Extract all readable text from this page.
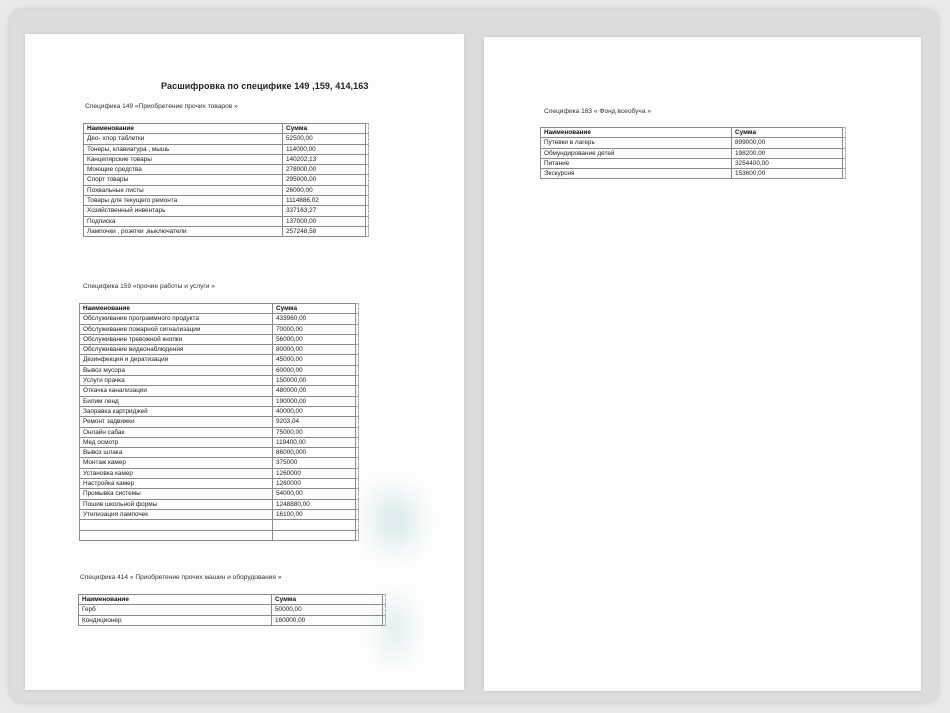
Расшифровка по специфике 149 ,159, 414,163
Специфика 149 «Приобретение прочих товаров »
Наименование	Сумма	
Део- хлор таблетки	52500,00	
Тонеры, клавиатура , мышь	114000,00	
Канцелярские товары	140202,13	
Моющие средства	278000,00	
Спорт товары	295000,00	
Похвальные листы	26000,00	
Товары для текущего ремонта	1114886,02	
Хозяйственный инвентарь	337163,27	
Подписка	137000,00	
Лампочки , розетки ,выключатели	257248,58	
Специфика 159 «прочие работы и услуги »
Наименование	Сумма	
Обслуживание программного продукта	433960,00	
Обслуживание пожарной сигнализации	70000,00	
Обслуживание тревожной кнопки	56000,00	
Обслуживание видеонаблюдения	80000,00	
Дезинфекция и дератизация	45000,00	
Вывоз мусора	60000,00	
Услуги прачка	150000,00	
Откачка канализации	480000,00	
Билим ленд	190000,00	
Заправка картриджей	40000,00	
Ремонт задвижки	9203,04	
Онлайн сабак	75000,00	
Мед осмотр	119400,00	
Вывоз шлака	86000,000	
Монтаж камер	375000	
Установка камер	1260000	
Настройка камер	1260000	
Промывка системы	54000,00	
Пошив школьной формы	1248880,00	
Утилизация лампочек	16100,00	

Специфика 414 « Приобретение прочих машин и оборудования »
Наименование	Сумма	
Герб	50000,00	
Кондиционер	160000,00	
Специфика 163 « Фонд всеобуча »
Наименование	Сумма	
Путевки в лагерь	899000,00	
Обмундирование детей	198200,00	
Питание	3254400,00	
Экскурсия	153600,00	
